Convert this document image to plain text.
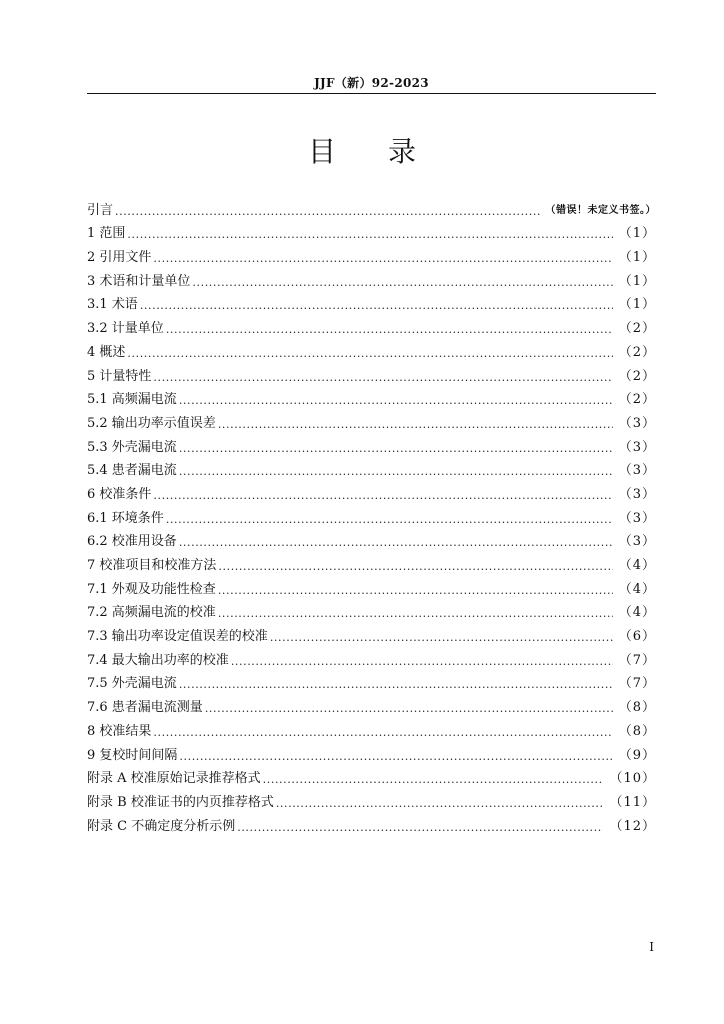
JJF（新）92-2023
目 录
引言 .....	（错误！未定义书签。）
1 范围 .....	（1）
2 引用文件 .....	（1）
3 术语和计量单位 .....	（1）
3.1 术语 .....	（1）
3.2 计量单位 .....	（2）
4 概述 .....	（2）
5 计量特性 .....	（2）
5.1 高频漏电流 .....	（2）
5.2 输出功率示值误差 .....	（3）
5.3 外壳漏电流 .....	（3）
5.4 患者漏电流 .....	（3）
6 校准条件 .....	（3）
6.1 环境条件 .....	（3）
6.2 校准用设备 .....	（3）
7 校准项目和校准方法 .....	（4）
7.1 外观及功能性检查 .....	（4）
7.2 高频漏电流的校准 .....	（4）
7.3 输出功率设定值误差的校准 .....	（6）
7.4 最大输出功率的校准 .....	（7）
7.5 外壳漏电流 .....	（7）
7.6 患者漏电流测量 .....	（8）
8 校准结果 .....	（8）
9 复校时间间隔 .....	（9）
附录 A 校准原始记录推荐格式 .....	（10）
附录 B 校准证书的内页推荐格式 .....	（11）
附录 C 不确定度分析示例 .....	（12）
I
